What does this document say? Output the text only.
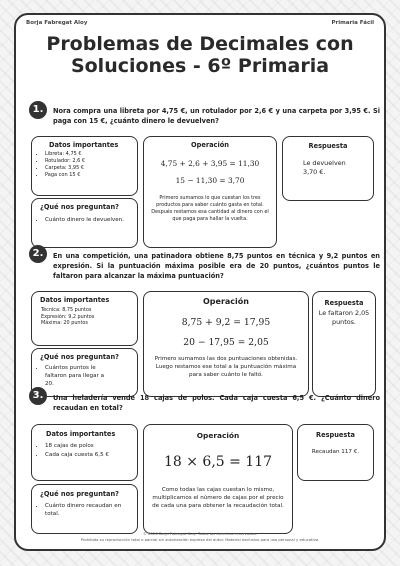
Borja Fabregat Aloy	Primaria Fácil
Problemas de Decimales con
Soluciones - 6º Primaria
1.	Nora compra una libreta por 4,75 €, un rotulador por 2,6 € y una carpeta por 3,95 €. Si paga con 15 €, ¿cuánto dinero le devuelven?
Datos importantes
• Libreta: 4,75 €
• Rotulador: 2,6 €
• Carpeta: 3,95 €
• Paga con 15 €
¿Qué nos preguntan?
• Cuánto dinero le devuelven.
Operación
4,75 + 2,6 + 3,95 = 11,30
15 − 11,30 = 3,70
Primero sumamos lo que cuestan los tres productos para saber cuánto gasta en total. Después restamos esa cantidad al dinero con el que paga para hallar la vuelta.
Respuesta
Le devuelven 3,70 €.
2.	En una competición, una patinadora obtiene 8,75 puntos en técnica y 9,2 puntos en expresión. Si la puntuación máxima posible era de 20 puntos, ¿cuántos puntos le faltaron para alcanzar la máxima puntuación?
Datos importantes
Técnica: 8,75 puntos
Expresión: 9,2 puntos
Máxima: 20 puntos
¿Qué nos preguntan?
• Cuántos puntos le faltaron para llegar a 20.
Operación
8,75 + 9,2 = 17,95
20 − 17,95 = 2,05
Primero sumamos las dos puntuaciones obtenidas. Luego restamos ese total a la puntuación máxima para saber cuánto le faltó.
Respuesta
Le faltaron 2,05 puntos.
3.	Una heladería vende 18 cajas de polos. Cada caja cuesta 6,5 €. ¿Cuánto dinero recaudan en total?
Datos importantes
• 18 cajas de polos
• Cada caja cuesta 6,5 €
¿Qué nos preguntan?
• Cuánto dinero recaudan en total.
Operación
18 × 6,5 = 117
Como todas las cajas cuestan lo mismo, multiplicamos el número de cajas por el precio de cada una para obtener la recaudación total.
Respuesta
Recaudan 117 €.
© 2026 Borja Fabregat Aloy. Todos los derechos reservados.
Prohibida su reproducción total o parcial sin autorización expresa del autor. Material exclusivo para uso personal y educativo.
